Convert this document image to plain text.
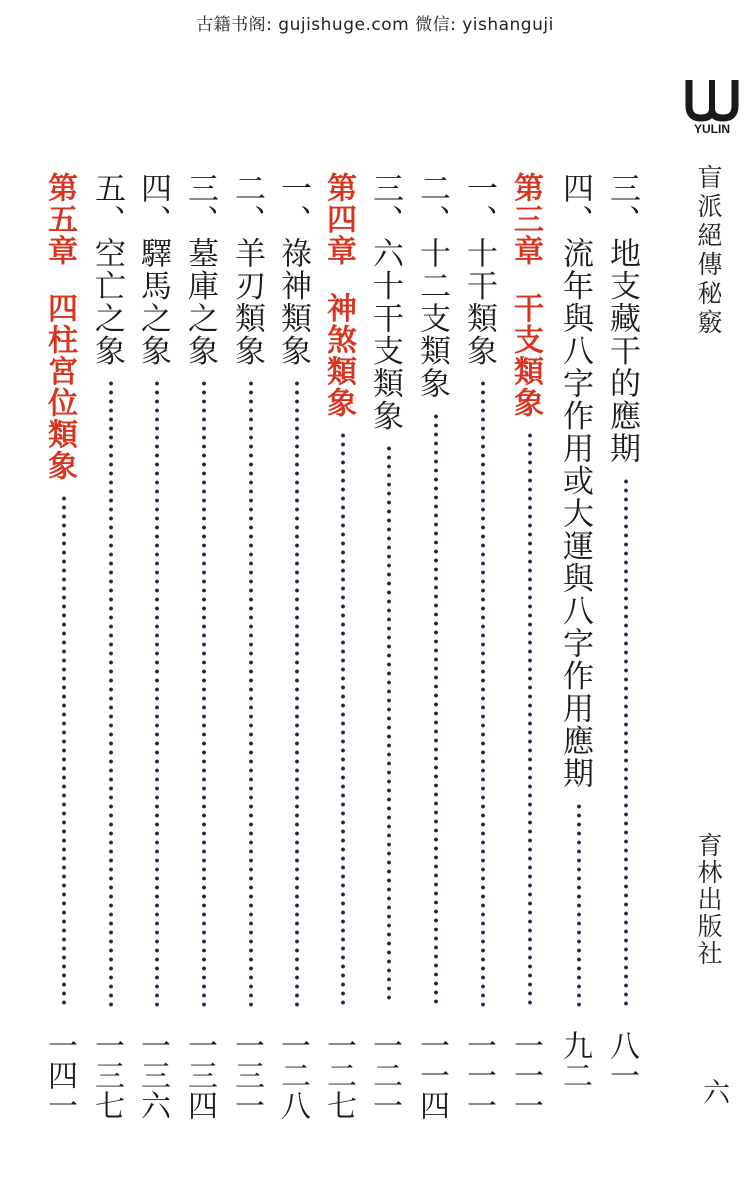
古籍书阁: gujishuge.com 微信: yishanguji
YULIN
盲派絕傳秘竅
育林出版社
六
三、地支藏干的應期
八一
四、流年與八字作用或大運與八字作用應期
九二
第三章干支類象
一一一
一、十干類象
一一一
二、十二支類象
一一四
三、六十干支類象
一二一
第四章神煞類象
一二七
一、祿神類象
一二八
二、羊刃類象
一三一
三、墓庫之象
一三四
四、驛馬之象
一三六
五、空亡之象
一三七
第五章四柱宮位類象
一四一
